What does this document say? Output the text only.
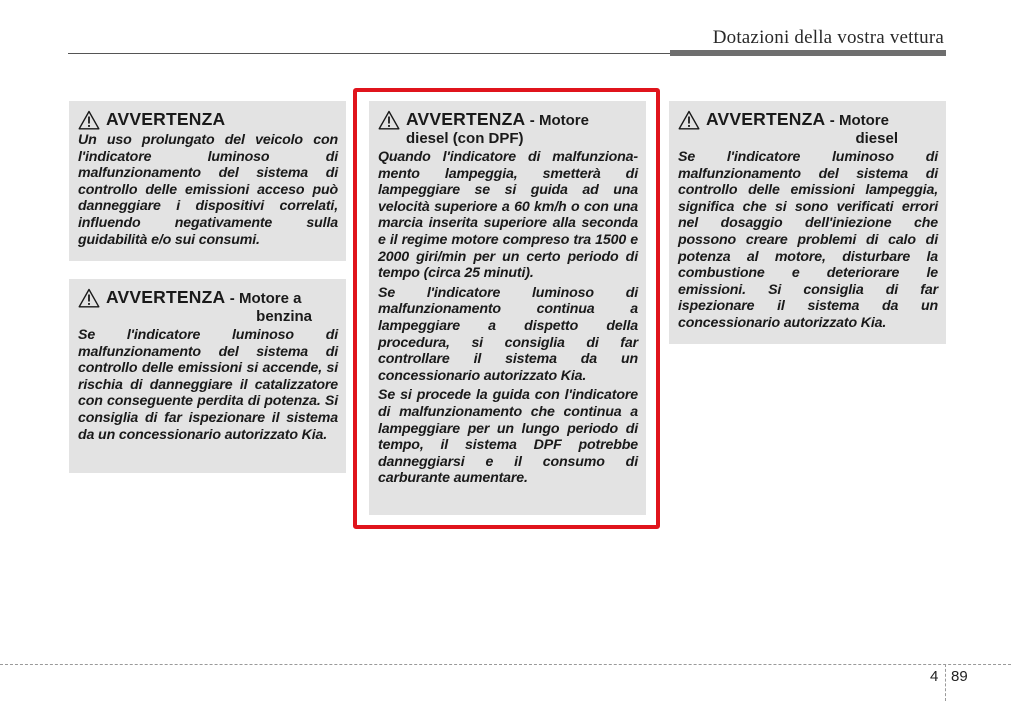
Dotazioni della vostra vettura
AVVERTENZA

Un uso prolungato del veicolo con l'indicatore luminoso di malfunzionamento del sistema di controllo delle emissioni acceso può danneggiare i dispositivi correlati, influendo negativamente sulla guidabilità e/o sui consumi.

AVVERTENZA - Motore a
benzina

Se l'indicatore luminoso di malfunzionamento del sistema di controllo delle emissioni si accende, si rischia di danneggiare il catalizzatore con conseguente perdita di potenza. Si consiglia di far ispezionare il sistema da un concessionario autorizzato Kia.

AVVERTENZA - Motore
diesel (con DPF)

Quando l'indicatore di malfunziona-mento lampeggia, smetterà di lampeggiare se si guida ad una velocità superiore a 60 km/h o con una marcia inserita superiore alla seconda e il regime motore compreso tra 1500 e 2000 giri/min per un certo periodo di tempo (circa 25 minuti).

Se l'indicatore luminoso di malfunzionamento continua a lampeggiare a dispetto della procedura, si consiglia di far controllare il sistema da un concessionario autorizzato Kia.

Se si procede la guida con l'indicatore di malfunzionamento che continua a lampeggiare per un lungo periodo di tempo, il sistema DPF potrebbe danneggiarsi e il consumo di carburante aumentare.

AVVERTENZA - Motore
diesel

Se l'indicatore luminoso di malfunzionamento del sistema di controllo delle emissioni lampeggia, significa che si sono verificati errori nel dosaggio dell'iniezione che possono creare problemi di calo di potenza al motore, disturbare la combustione e deteriorare le emissioni. Si consiglia di far ispezionare il sistema da un concessionario autorizzato Kia.

4 89
